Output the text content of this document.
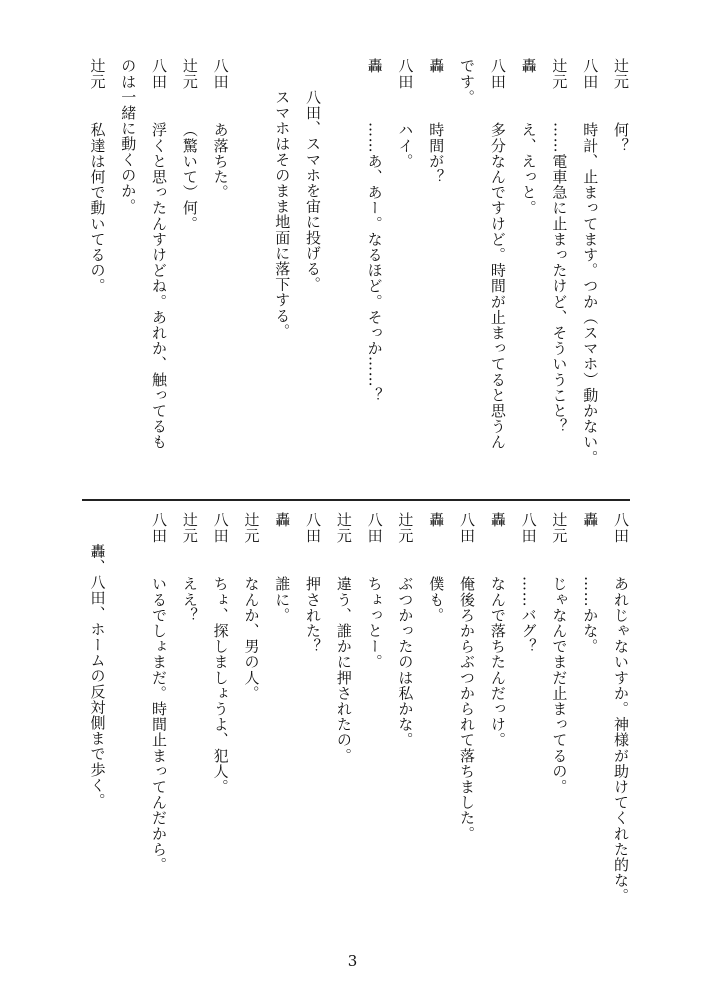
辻元何？
八田時計、止まってます。つか（スマホ）動かない。
辻元……電車急に止まったけど、そういうこと？
轟え、えっと。
八田多分なんですけど。時間が止まってると思うん
です。
轟時間が？
八田ハイ。
轟……あ、あー。なるほど。そっか……？
　　八田、スマホを宙に投げる。
　　スマホはそのまま地面に落下する。
八田あ落ちた。
辻元（驚いて）何。
八田浮くと思ったんすけどね。あれか、触ってるも
のは一緒に動くのか。
辻元私達は何で動いてるの。
八田あれじゃないすか。神様が助けてくれた的な。
轟……かな。
辻元じゃなんでまだ止まってるの。
八田……バグ？
轟なんで落ちたんだっけ。
八田俺後ろからぶつかられて落ちました。
轟僕も。
辻元ぶつかったのは私かな。
八田ちょっとー。
辻元違う、誰かに押されたの。
八田押された？
轟誰に。
辻元なんか、男の人。
八田ちょ、探しましょうよ、犯人。
辻元ええ？
八田いるでしょまだ。時間止まってんだから。
　　轟、八田、ホームの反対側まで歩く。
3
